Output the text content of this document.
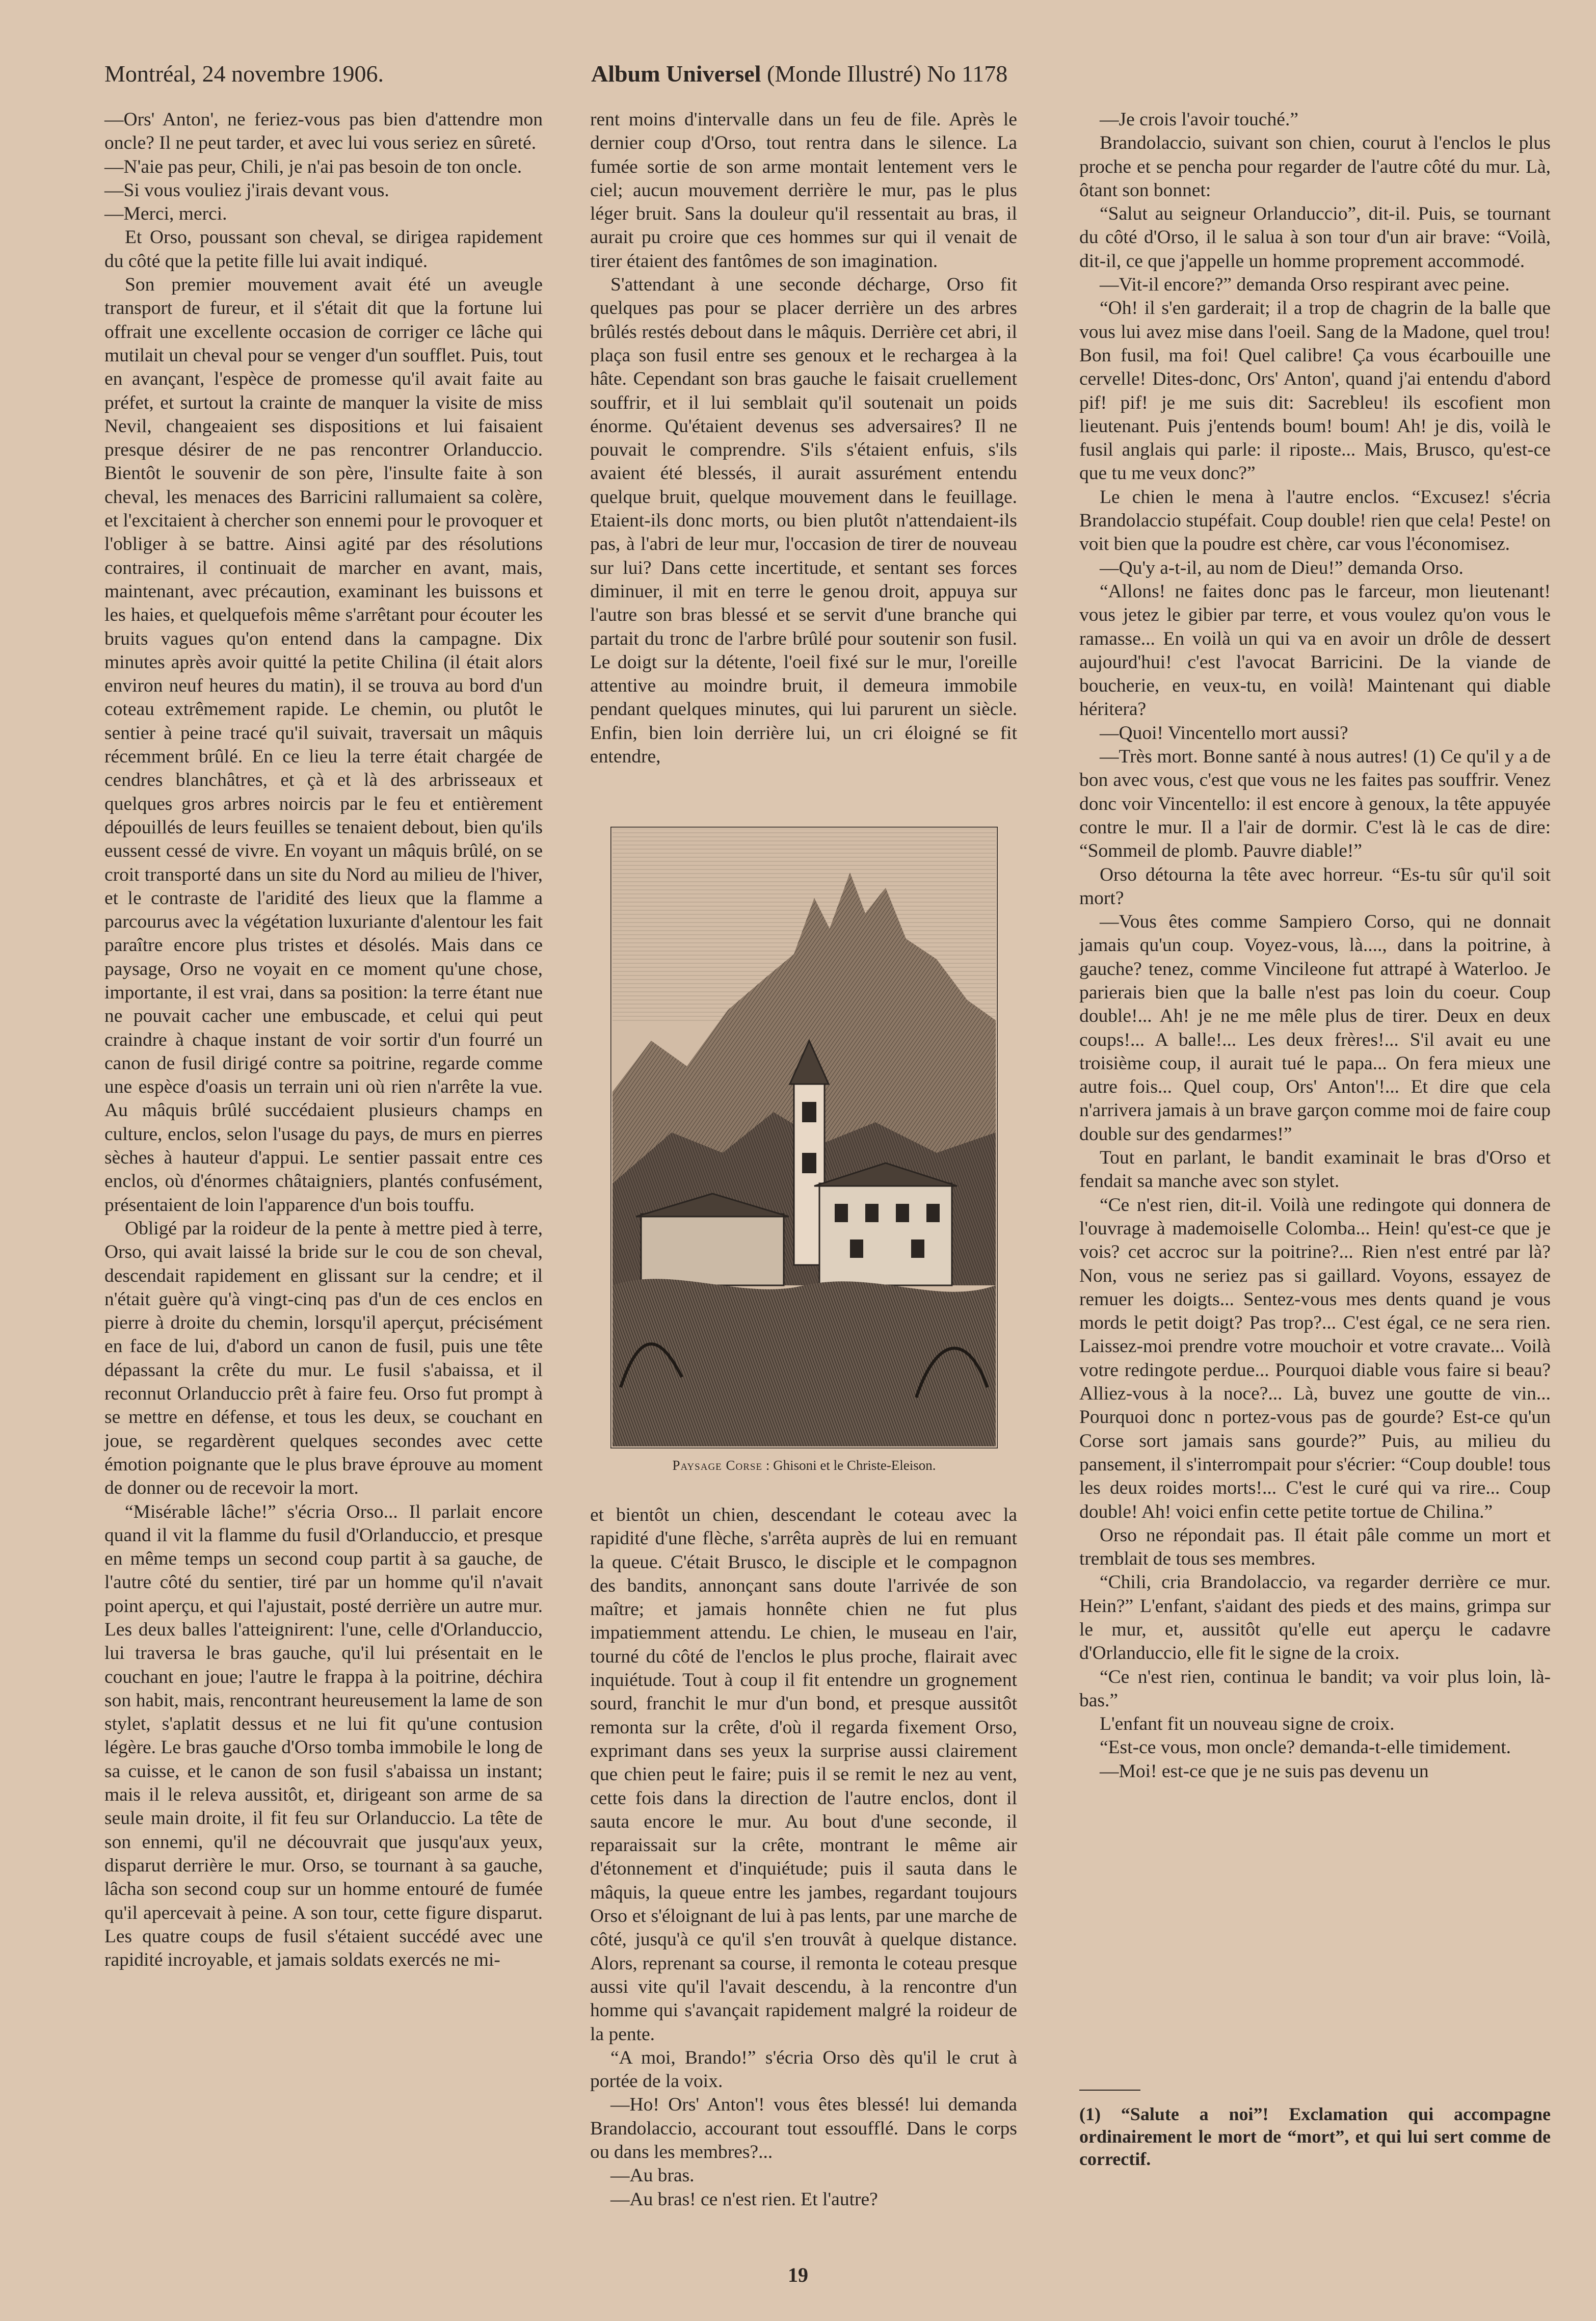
Montréal, 24 novembre 1906.	Album Universel (Monde Illustré) No 1178

—Ors' Anton', ne feriez-vous pas bien d'attendre mon oncle? Il ne peut tarder, et avec lui vous seriez en sûreté.

—N'aie pas peur, Chili, je n'ai pas besoin de ton oncle.

—Si vous vouliez j'irais devant vous.

—Merci, merci.

Et Orso, poussant son cheval, se dirigea rapidement du côté que la petite fille lui avait indiqué.

Son premier mouvement avait été un aveugle transport de fureur, et il s'était dit que la fortune lui offrait une excellente occasion de corriger ce lâche qui mutilait un cheval pour se venger d'un soufflet. Puis, tout en avançant, l'espèce de promesse qu'il avait faite au préfet, et surtout la crainte de manquer la visite de miss Nevil, changeaient ses dispositions et lui faisaient presque désirer de ne pas rencontrer Orlanduccio. Bientôt le souvenir de son père, l'insulte faite à son cheval, les menaces des Barricini rallumaient sa colère, et l'excitaient à chercher son ennemi pour le provoquer et l'obliger à se battre. Ainsi agité par des résolutions contraires, il continuait de marcher en avant, mais, maintenant, avec précaution, examinant les buissons et les haies, et quelquefois même s'arrêtant pour écouter les bruits vagues qu'on entend dans la campagne. Dix minutes après avoir quitté la petite Chilina (il était alors environ neuf heures du matin), il se trouva au bord d'un coteau extrêmement rapide. Le chemin, ou plutôt le sentier à peine tracé qu'il suivait, traversait un mâquis récemment brûlé. En ce lieu la terre était chargée de cendres blanchâtres, et çà et là des arbrisseaux et quelques gros arbres noircis par le feu et entièrement dépouillés de leurs feuilles se tenaient debout, bien qu'ils eussent cessé de vivre. En voyant un mâquis brûlé, on se croit transporté dans un site du Nord au milieu de l'hiver, et le contraste de l'aridité des lieux que la flamme a parcourus avec la végétation luxuriante d'alentour les fait paraître encore plus tristes et désolés. Mais dans ce paysage, Orso ne voyait en ce moment qu'une chose, importante, il est vrai, dans sa position: la terre étant nue ne pouvait cacher une embuscade, et celui qui peut craindre à chaque instant de voir sortir d'un fourré un canon de fusil dirigé contre sa poitrine, regarde comme une espèce d'oasis un terrain uni où rien n'arrête la vue. Au mâquis brûlé succédaient plusieurs champs en culture, enclos, selon l'usage du pays, de murs en pierres sèches à hauteur d'appui. Le sentier passait entre ces enclos, où d'énormes châtaigniers, plantés confusément, présentaient de loin l'apparence d'un bois touffu.

Obligé par la roideur de la pente à mettre pied à terre, Orso, qui avait laissé la bride sur le cou de son cheval, descendait rapidement en glissant sur la cendre; et il n'était guère qu'à vingt-cinq pas d'un de ces enclos en pierre à droite du chemin, lorsqu'il aperçut, précisément en face de lui, d'abord un canon de fusil, puis une tête dépassant la crête du mur. Le fusil s'abaissa, et il reconnut Orlanduccio prêt à faire feu. Orso fut prompt à se mettre en défense, et tous les deux, se couchant en joue, se regardèrent quelques secondes avec cette émotion poignante que le plus brave éprouve au moment de donner ou de recevoir la mort.

“Misérable lâche!” s'écria Orso... Il parlait encore quand il vit la flamme du fusil d'Orlanduccio, et presque en même temps un second coup partit à sa gauche, de l'autre côté du sentier, tiré par un homme qu'il n'avait point aperçu, et qui l'ajustait, posté derrière un autre mur. Les deux balles l'atteignirent: l'une, celle d'Orlanduccio, lui traversa le bras gauche, qu'il lui présentait en le couchant en joue; l'autre le frappa à la poitrine, déchira son habit, mais, rencontrant heureusement la lame de son stylet, s'aplatit dessus et ne lui fit qu'une contusion légère. Le bras gauche d'Orso tomba immobile le long de sa cuisse, et le canon de son fusil s'abaissa un instant; mais il le releva aussitôt, et, dirigeant son arme de sa seule main droite, il fit feu sur Orlanduccio. La tête de son ennemi, qu'il ne découvrait que jusqu'aux yeux, disparut derrière le mur. Orso, se tournant à sa gauche, lâcha son second coup sur un homme entouré de fumée qu'il apercevait à peine. A son tour, cette figure disparut. Les quatre coups de fusil s'étaient succédé avec une rapidité incroyable, et jamais soldats exercés ne mi-

rent moins d'intervalle dans un feu de file. Après le dernier coup d'Orso, tout rentra dans le silence. La fumée sortie de son arme montait lentement vers le ciel; aucun mouvement derrière le mur, pas le plus léger bruit. Sans la douleur qu'il ressentait au bras, il aurait pu croire que ces hommes sur qui il venait de tirer étaient des fantômes de son imagination.

S'attendant à une seconde décharge, Orso fit quelques pas pour se placer derrière un des arbres brûlés restés debout dans le mâquis. Derrière cet abri, il plaça son fusil entre ses genoux et le rechargea à la hâte. Cependant son bras gauche le faisait cruellement souffrir, et il lui semblait qu'il soutenait un poids énorme. Qu'étaient devenus ses adversaires? Il ne pouvait le comprendre. S'ils s'étaient enfuis, s'ils avaient été blessés, il aurait assurément entendu quelque bruit, quelque mouvement dans le feuillage. Etaient-ils donc morts, ou bien plutôt n'attendaient-ils pas, à l'abri de leur mur, l'occasion de tirer de nouveau sur lui? Dans cette incertitude, et sentant ses forces diminuer, il mit en terre le genou droit, appuya sur l'autre son bras blessé et se servit d'une branche qui partait du tronc de l'arbre brûlé pour soutenir son fusil. Le doigt sur la détente, l'oeil fixé sur le mur, l'oreille attentive au moindre bruit, il demeura immobile pendant quelques minutes, qui lui parurent un siècle. Enfin, bien loin derrière lui, un cri éloigné se fit entendre,

Paysage Corse : Ghisoni et le Christe-Eleison.

et bientôt un chien, descendant le coteau avec la rapidité d'une flèche, s'arrêta auprès de lui en remuant la queue. C'était Brusco, le disciple et le compagnon des bandits, annonçant sans doute l'arrivée de son maître; et jamais honnête chien ne fut plus impatiemment attendu. Le chien, le museau en l'air, tourné du côté de l'enclos le plus proche, flairait avec inquiétude. Tout à coup il fit entendre un grognement sourd, franchit le mur d'un bond, et presque aussitôt remonta sur la crête, d'où il regarda fixement Orso, exprimant dans ses yeux la surprise aussi clairement que chien peut le faire; puis il se remit le nez au vent, cette fois dans la direction de l'autre enclos, dont il sauta encore le mur. Au bout d'une seconde, il reparaissait sur la crête, montrant le même air d'étonnement et d'inquiétude; puis il sauta dans le mâquis, la queue entre les jambes, regardant toujours Orso et s'éloignant de lui à pas lents, par une marche de côté, jusqu'à ce qu'il s'en trouvât à quelque distance. Alors, reprenant sa course, il remonta le coteau presque aussi vite qu'il l'avait descendu, à la rencontre d'un homme qui s'avançait rapidement malgré la roideur de la pente.

“A moi, Brando!” s'écria Orso dès qu'il le crut à portée de la voix.

—Ho! Ors' Anton'! vous êtes blessé! lui demanda Brandolaccio, accourant tout essoufflé. Dans le corps ou dans les membres?...

—Au bras.

—Au bras! ce n'est rien. Et l'autre?

—Je crois l'avoir touché.”

Brandolaccio, suivant son chien, courut à l'enclos le plus proche et se pencha pour regarder de l'autre côté du mur. Là, ôtant son bonnet:

“Salut au seigneur Orlanduccio”, dit-il. Puis, se tournant du côté d'Orso, il le salua à son tour d'un air brave: “Voilà, dit-il, ce que j'appelle un homme proprement accommodé.

—Vit-il encore?” demanda Orso respirant avec peine.

“Oh! il s'en garderait; il a trop de chagrin de la balle que vous lui avez mise dans l'oeil. Sang de la Madone, quel trou! Bon fusil, ma foi! Quel calibre! Ça vous écarbouille une cervelle! Dites-donc, Ors' Anton', quand j'ai entendu d'abord pif! pif! je me suis dit: Sacrebleu! ils escofient mon lieutenant. Puis j'entends boum! boum! Ah! je dis, voilà le fusil anglais qui parle: il riposte... Mais, Brusco, qu'est-ce que tu me veux donc?”

Le chien le mena à l'autre enclos. “Excusez! s'écria Brandolaccio stupéfait. Coup double! rien que cela! Peste! on voit bien que la poudre est chère, car vous l'économisez.

—Qu'y a-t-il, au nom de Dieu!” demanda Orso.

“Allons! ne faites donc pas le farceur, mon lieutenant! vous jetez le gibier par terre, et vous voulez qu'on vous le ramasse... En voilà un qui va en avoir un drôle de dessert aujourd'hui! c'est l'avocat Barricini. De la viande de boucherie, en veux-tu, en voilà! Maintenant qui diable héritera?

—Quoi! Vincentello mort aussi?

—Très mort. Bonne santé à nous autres! (1) Ce qu'il y a de bon avec vous, c'est que vous ne les faites pas souffrir. Venez donc voir Vincentello: il est encore à genoux, la tête appuyée contre le mur. Il a l'air de dormir. C'est là le cas de dire: “Sommeil de plomb. Pauvre diable!”

Orso détourna la tête avec horreur. “Es-tu sûr qu'il soit mort?

—Vous êtes comme Sampiero Corso, qui ne donnait jamais qu'un coup. Voyez-vous, là...., dans la poitrine, à gauche? tenez, comme Vincileone fut attrapé à Waterloo. Je parierais bien que la balle n'est pas loin du coeur. Coup double!... Ah! je ne me mêle plus de tirer. Deux en deux coups!... A balle!... Les deux frères!... S'il avait eu une troisième coup, il aurait tué le papa... On fera mieux une autre fois... Quel coup, Ors' Anton'!... Et dire que cela n'arrivera jamais à un brave garçon comme moi de faire coup double sur des gendarmes!”

Tout en parlant, le bandit examinait le bras d'Orso et fendait sa manche avec son stylet.

“Ce n'est rien, dit-il. Voilà une redingote qui donnera de l'ouvrage à mademoiselle Colomba... Hein! qu'est-ce que je vois? cet accroc sur la poitrine?... Rien n'est entré par là? Non, vous ne seriez pas si gaillard. Voyons, essayez de remuer les doigts... Sentez-vous mes dents quand je vous mords le petit doigt? Pas trop?... C'est égal, ce ne sera rien. Laissez-moi prendre votre mouchoir et votre cravate... Voilà votre redingote perdue... Pourquoi diable vous faire si beau? Alliez-vous à la noce?... Là, buvez une goutte de vin... Pourquoi donc n portez-vous pas de gourde? Est-ce qu'un Corse sort jamais sans gourde?” Puis, au milieu du pansement, il s'interrompait pour s'écrier: “Coup double! tous les deux roides morts!... C'est le curé qui va rire... Coup double! Ah! voici enfin cette petite tortue de Chilina.”

Orso ne répondait pas. Il était pâle comme un mort et tremblait de tous ses membres.

“Chili, cria Brandolaccio, va regarder derrière ce mur. Hein?” L'enfant, s'aidant des pieds et des mains, grimpa sur le mur, et, aussitôt qu'elle eut aperçu le cadavre d'Orlanduccio, elle fit le signe de la croix.

“Ce n'est rien, continua le bandit; va voir plus loin, là-bas.”

L'enfant fit un nouveau signe de croix.

“Est-ce vous, mon oncle? demanda-t-elle timidement.

—Moi! est-ce que je ne suis pas devenu un

(1) “Salute a noi”! Exclamation qui accompagne ordinairement le mort de “mort”, et qui lui sert comme de correctif.
19
